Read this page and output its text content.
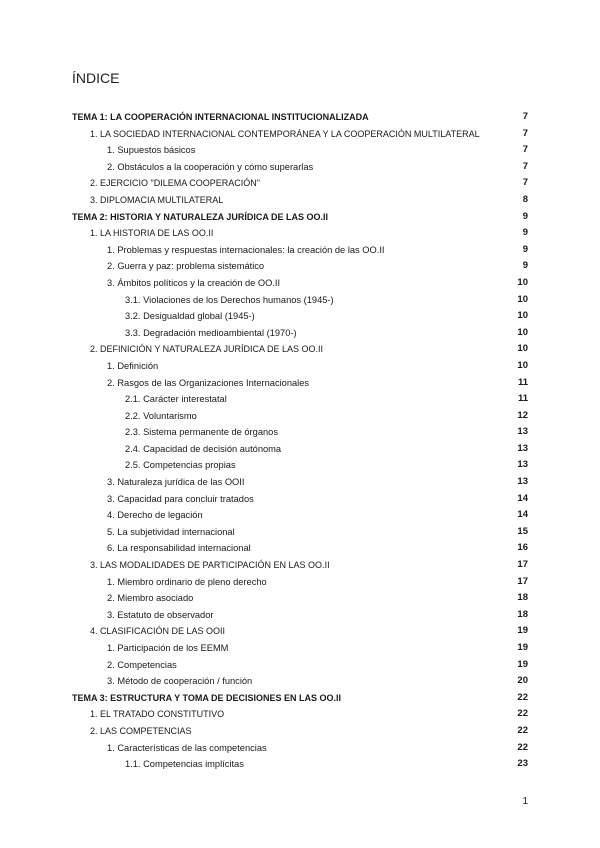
ÍNDICE
TEMA 1: LA COOPERACIÓN INTERNACIONAL INSTITUCIONALIZADA	7
1. LA SOCIEDAD INTERNACIONAL CONTEMPORÁNEA Y LA COOPERACIÓN MULTILATERAL	7
1. Supuestos básicos	7
2. Obstáculos a la cooperación y cómo superarlas	7
2. EJERCICIO "DILEMA COOPERACIÓN"	7
3. DIPLOMACIA MULTILATERAL	8
TEMA 2: HISTORIA Y NATURALEZA JURÍDICA DE LAS OO.II	9
1. LA HISTORIA DE LAS OO.II	9
1. Problemas y respuestas internacionales: la creación de las OO.II	9
2. Guerra y paz: problema sistemático	9
3. Ámbitos políticos y la creación de OO.II	10
3.1. Violaciones de los Derechos humanos (1945-)	10
3.2. Desigualdad global (1945-)	10
3.3. Degradación medioambiental (1970-)	10
2. DEFINICIÓN Y NATURALEZA JURÍDICA DE LAS OO.II	10
1. Definición	10
2. Rasgos de las Organizaciones Internacionales	11
2.1. Carácter interestatal	11
2.2. Voluntarismo	12
2.3. Sistema permanente de órganos	13
2.4. Capacidad de decisión autónoma	13
2.5. Competencias propias	13
3. Naturaleza jurídica de las OOII	13
3. Capacidad para concluir tratados	14
4. Derecho de legación	14
5. La subjetividad internacional	15
6. La responsabilidad internacional	16
3. LAS MODALIDADES DE PARTICIPACIÓN EN LAS OO.II	17
1. Miembro ordinario de pleno derecho	17
2. Miembro asociado	18
3. Estatuto de observador	18
4. CLASIFICACIÓN DE LAS OOII	19
1. Participación de los EEMM	19
2. Competencias	19
3. Método de cooperación / función	20
TEMA 3: ESTRUCTURA Y TOMA DE DECISIONES EN LAS OO.II	22
1. EL TRATADO CONSTITUTIVO	22
2. LAS COMPETENCIAS	22
1. Características de las competencias	22
1.1. Competencias implícitas	23
1
